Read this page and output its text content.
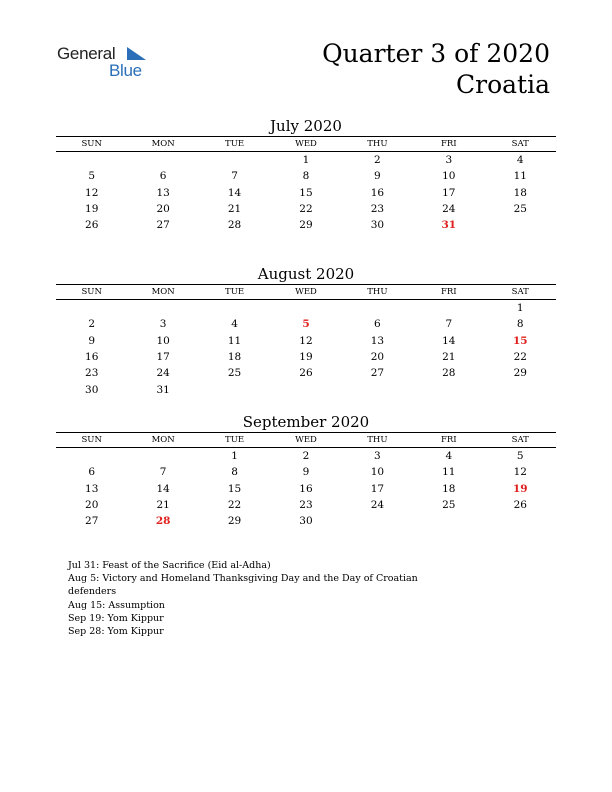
General
Blue
Quarter 3 of 2020
Croatia
July 2020
SUN	MON	TUE	WED	THU	FRI	SAT
			1	2	3	4
5	6	7	8	9	10	11
12	13	14	15	16	17	18
19	20	21	22	23	24	25
26	27	28	29	30	31	
August 2020
SUN	MON	TUE	WED	THU	FRI	SAT
						1
2	3	4	5	6	7	8
9	10	11	12	13	14	15
16	17	18	19	20	21	22
23	24	25	26	27	28	29
30	31					
September 2020
SUN	MON	TUE	WED	THU	FRI	SAT
		1	2	3	4	5
6	7	8	9	10	11	12
13	14	15	16	17	18	19
20	21	22	23	24	25	26
27	28	29	30			
Jul 31: Feast of the Sacrifice (Eid al-Adha)
Aug 5: Victory and Homeland Thanksgiving Day and the Day of Croatian defenders
Aug 15: Assumption
Sep 19: Yom Kippur
Sep 28: Yom Kippur
